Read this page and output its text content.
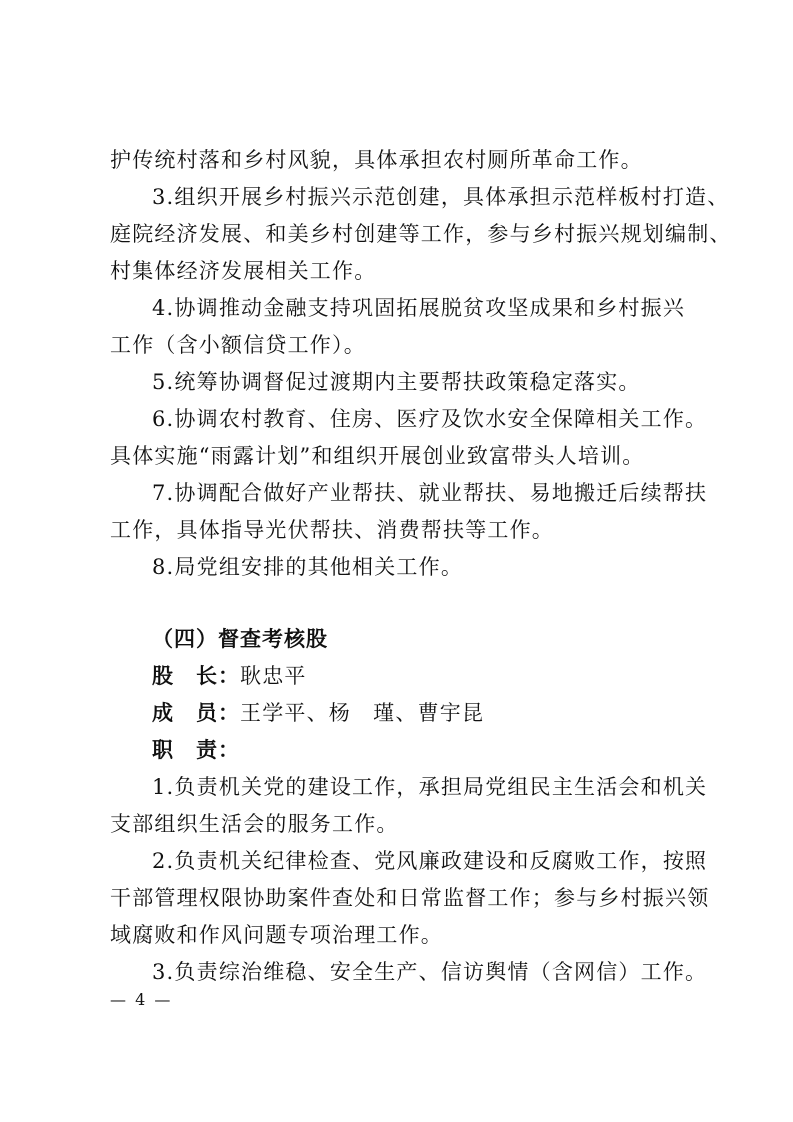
护传统村落和乡村风貌，具体承担农村厕所革命工作。
3.组织开展乡村振兴示范创建，具体承担示范样板村打造、
庭院经济发展、和美乡村创建等工作，参与乡村振兴规划编制、
村集体经济发展相关工作。
4.协调推动金融支持巩固拓展脱贫攻坚成果和乡村振兴
工作（含小额信贷工作）。
5.统筹协调督促过渡期内主要帮扶政策稳定落实。
6.协调农村教育、住房、医疗及饮水安全保障相关工作。
具体实施“雨露计划”和组织开展创业致富带头人培训。
7.协调配合做好产业帮扶、就业帮扶、易地搬迁后续帮扶
工作，具体指导光伏帮扶、消费帮扶等工作。
8.局党组安排的其他相关工作。
（四）督查考核股
股　长：耿忠平
成　员：王学平、杨　瑾、曹宇昆
职　责：
1.负责机关党的建设工作，承担局党组民主生活会和机关
支部组织生活会的服务工作。
2.负责机关纪律检查、党风廉政建设和反腐败工作，按照
干部管理权限协助案件查处和日常监督工作；参与乡村振兴领
域腐败和作风问题专项治理工作。
3.负责综治维稳、安全生产、信访舆情（含网信）工作。
— 4 —
